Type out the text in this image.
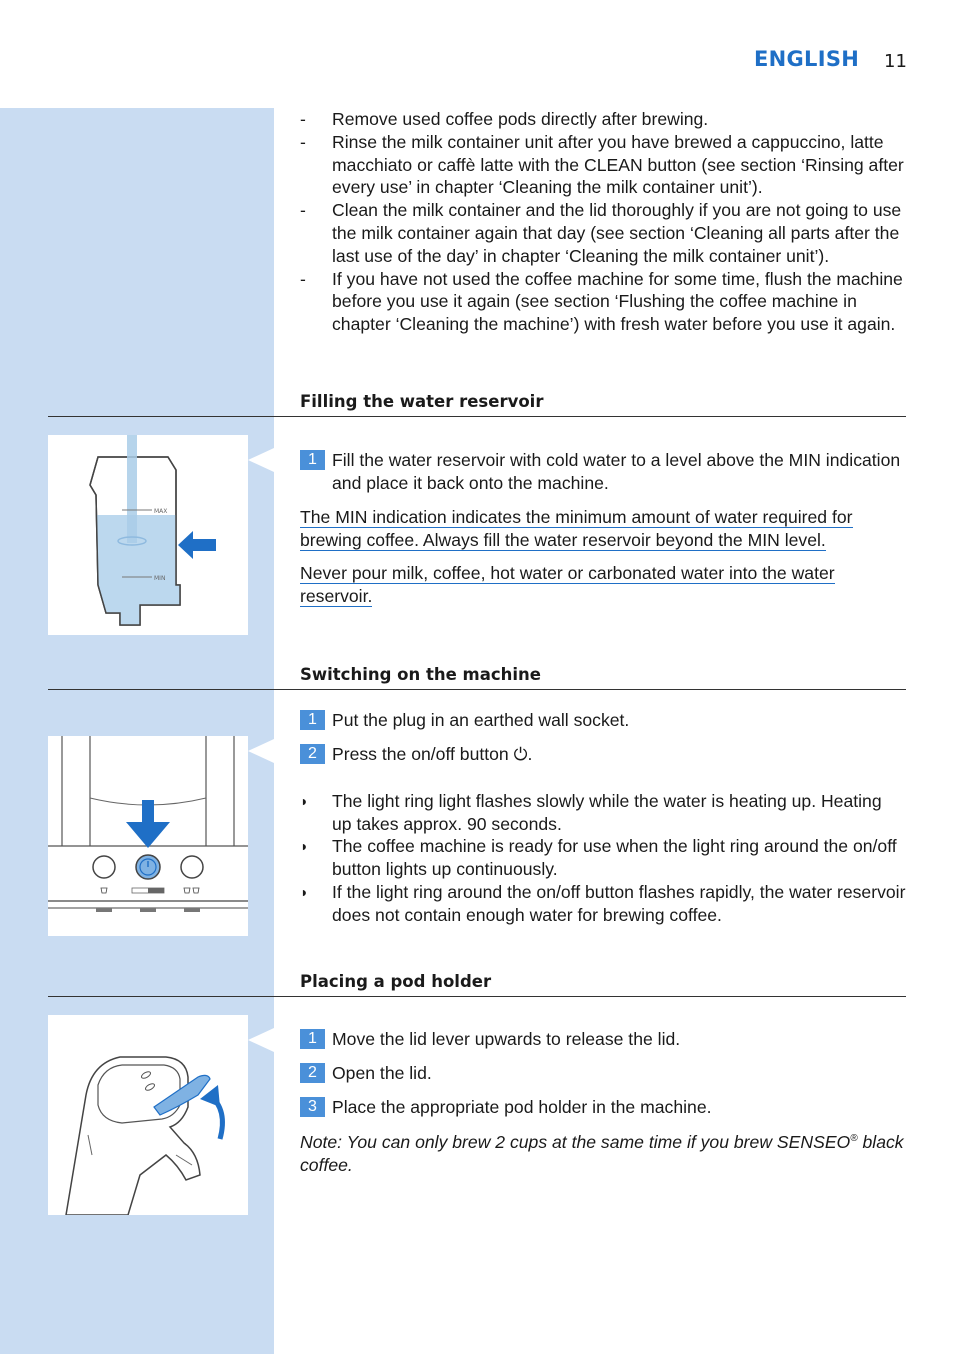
ENGLISH 11

- Remove used coffee pods directly after brewing.

- Rinse the milk container unit after you have brewed a cappuccino, latte macchiato or caffè latte with the CLEAN button (see section ‘Rinsing after every use’ in chapter ‘Cleaning the milk container unit’).

- Clean the milk container and the lid thoroughly if you are not going to use the milk container again that day (see section ‘Cleaning all parts after the last use of the day’ in chapter ‘Cleaning the milk container unit’).

- If you have not used the coffee machine for some time, flush the machine before you use it again (see section ‘Flushing the coffee machine in chapter ‘Cleaning the machine’) with fresh water before you use it again.

Filling the water reservoir
MAX
MIN
1 Fill the water reservoir with cold water to a level above the MIN indication and place it back onto the machine.
The MIN indication indicates the minimum amount of water required for brewing coffee. Always fill the water reservoir beyond the MIN level.
Never pour milk, coffee, hot water or carbonated water into the water reservoir.
Switching on the machine
1 Put the plug in an earthed wall socket.
2 Press the on/off button ⏻.
◗ The light ring light flashes slowly while the water is heating up. Heating up takes approx. 90 seconds.
◗ The coffee machine is ready for use when the light ring around the on/off button lights up continuously.
◗ If the light ring around the on/off button flashes rapidly, the water reservoir does not contain enough water for brewing coffee.
Placing a pod holder
1 Move the lid lever upwards to release the lid.
2 Open the lid.
3 Place the appropriate pod holder in the machine.
Note: You can only brew 2 cups at the same time if you brew SENSEO® black coffee.
